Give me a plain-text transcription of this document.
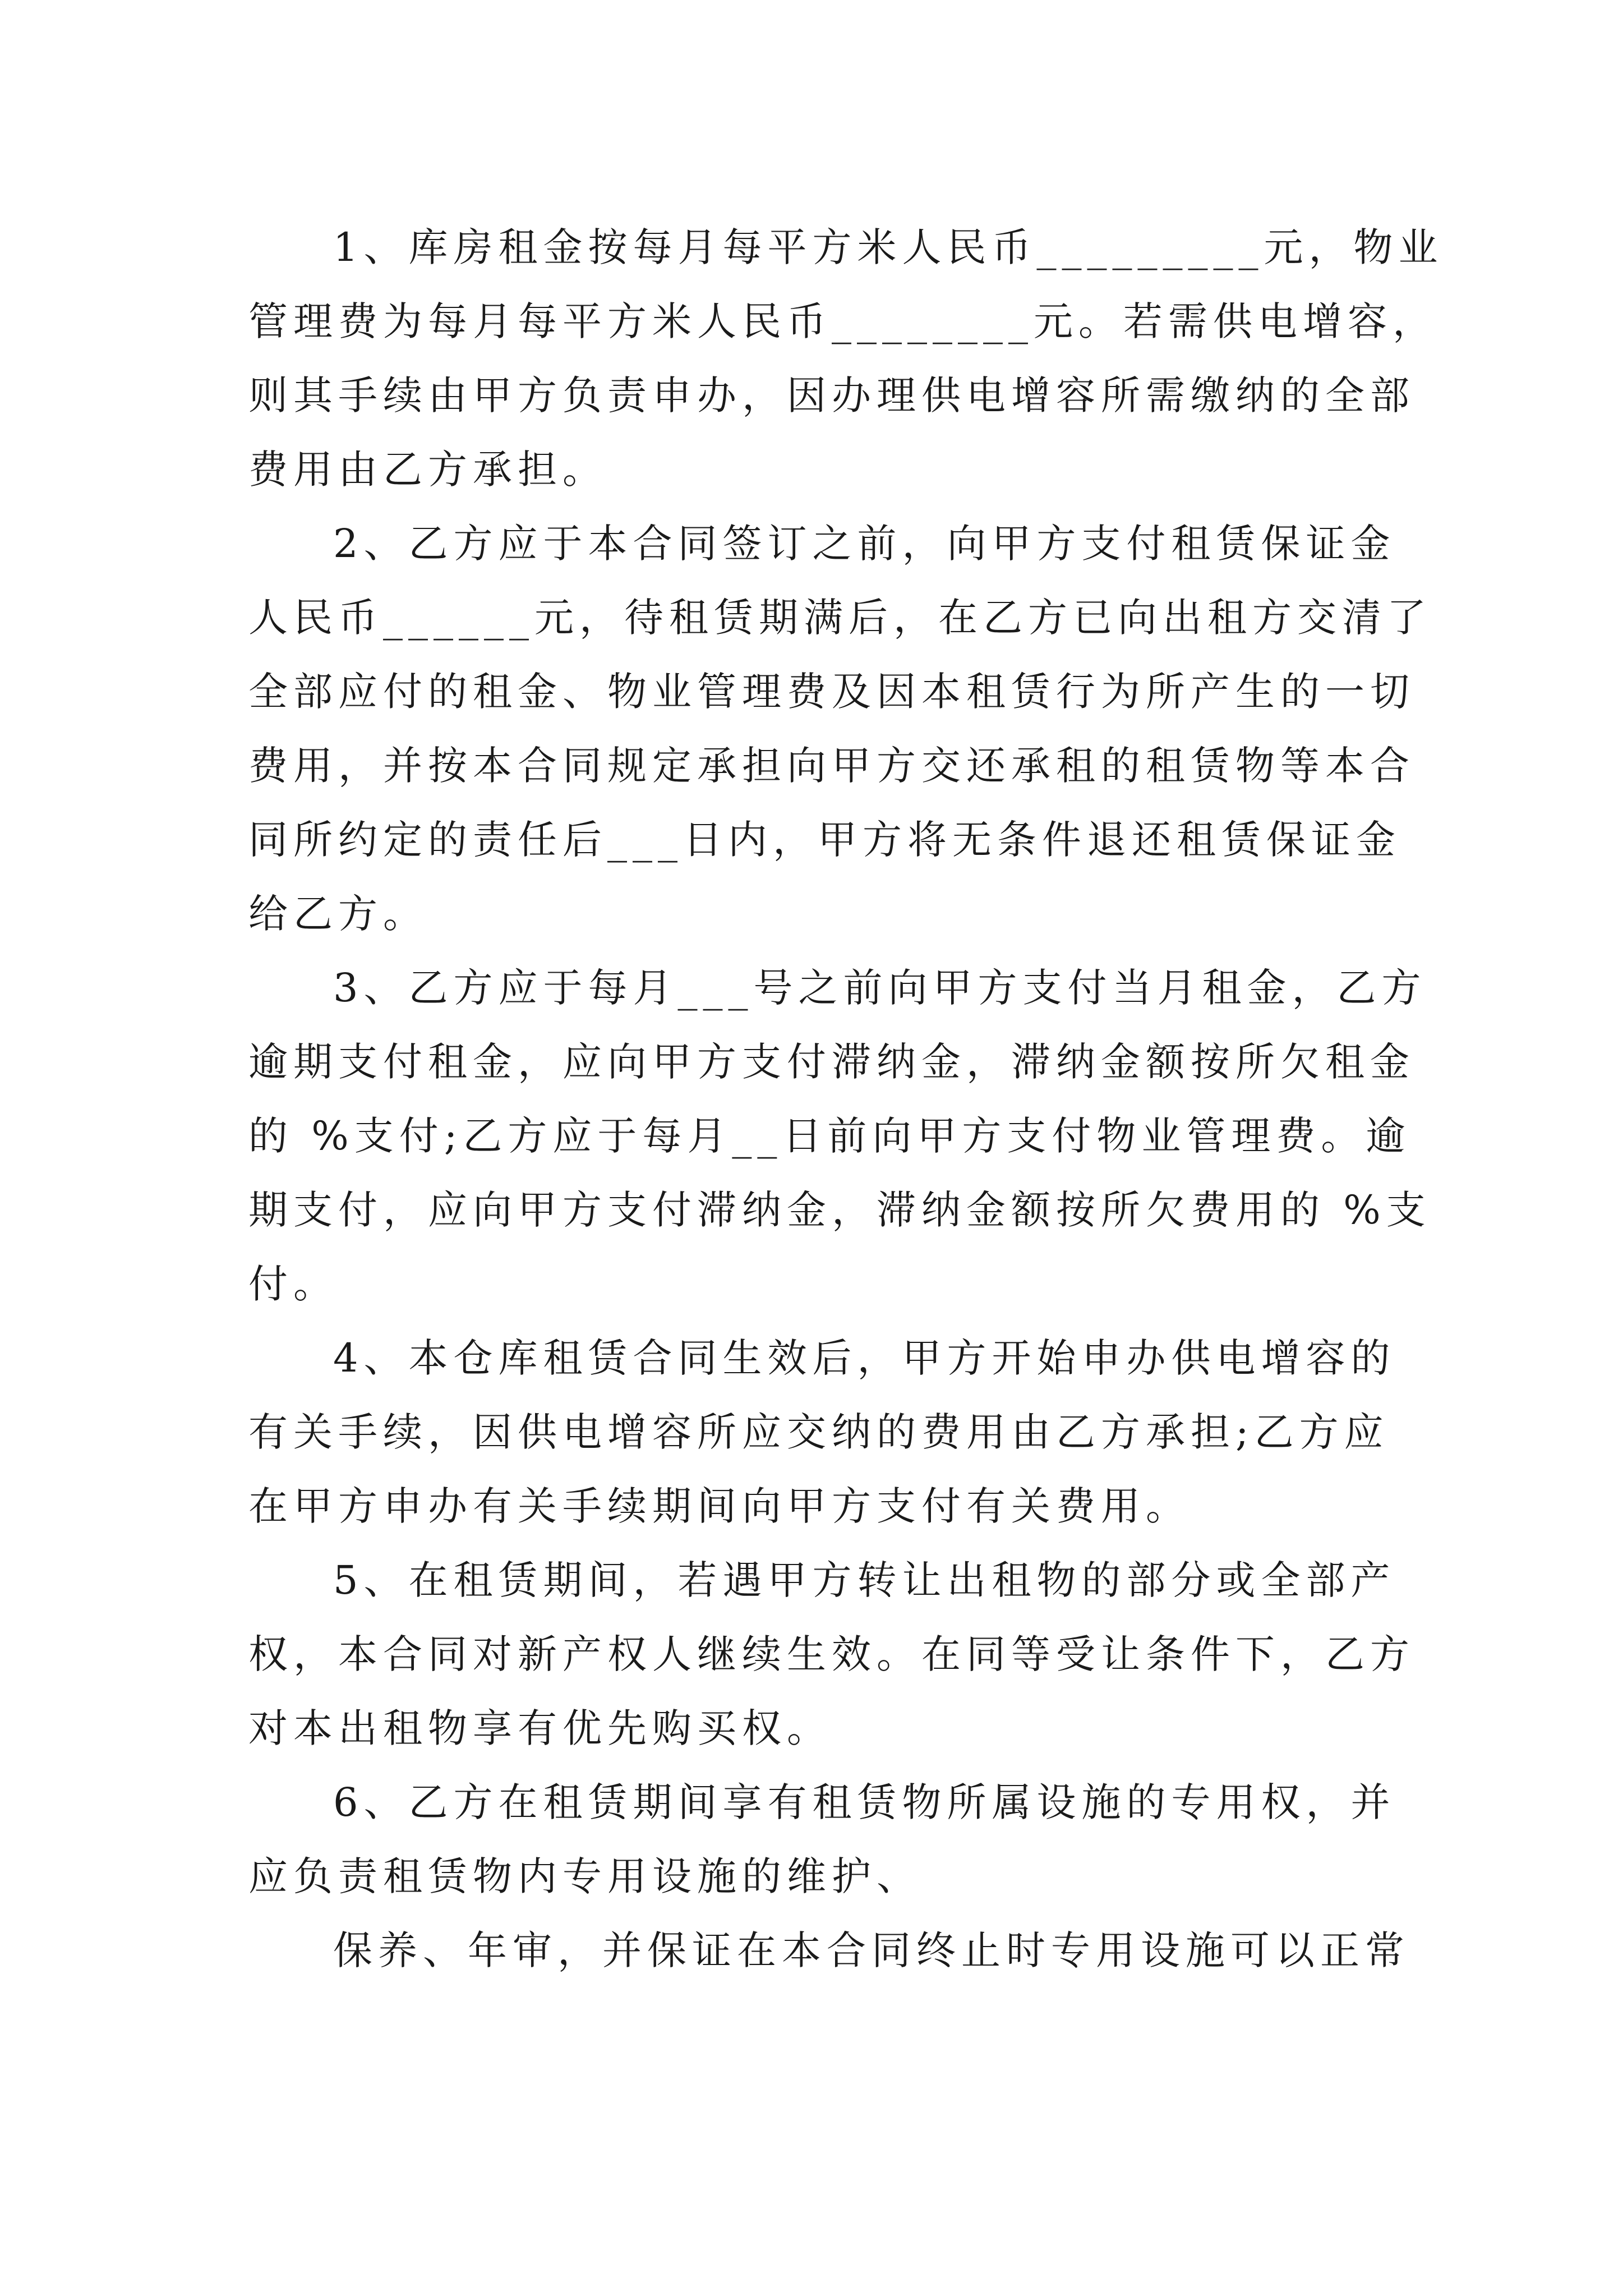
1、库房租金按每月每平方米人民币_________元，物业
管理费为每月每平方米人民币________元。若需供电增容，
则其手续由甲方负责申办，因办理供电增容所需缴纳的全部
费用由乙方承担。

2、乙方应于本合同签订之前，向甲方支付租赁保证金
人民币______元，待租赁期满后，在乙方已向出租方交清了
全部应付的租金、物业管理费及因本租赁行为所产生的一切
费用，并按本合同规定承担向甲方交还承租的租赁物等本合
同所约定的责任后___日内，甲方将无条件退还租赁保证金
给乙方。

3、乙方应于每月___号之前向甲方支付当月租金，乙方
逾期支付租金，应向甲方支付滞纳金，滞纳金额按所欠租金
的 %支付;乙方应于每月__日前向甲方支付物业管理费。逾
期支付，应向甲方支付滞纳金，滞纳金额按所欠费用的 %支
付。

4、本仓库租赁合同生效后，甲方开始申办供电增容的
有关手续，因供电增容所应交纳的费用由乙方承担;乙方应
在甲方申办有关手续期间向甲方支付有关费用。

5、在租赁期间，若遇甲方转让出租物的部分或全部产
权，本合同对新产权人继续生效。在同等受让条件下，乙方
对本出租物享有优先购买权。

6、乙方在租赁期间享有租赁物所属设施的专用权，并
应负责租赁物内专用设施的维护、

保养、年审，并保证在本合同终止时专用设施可以正常
